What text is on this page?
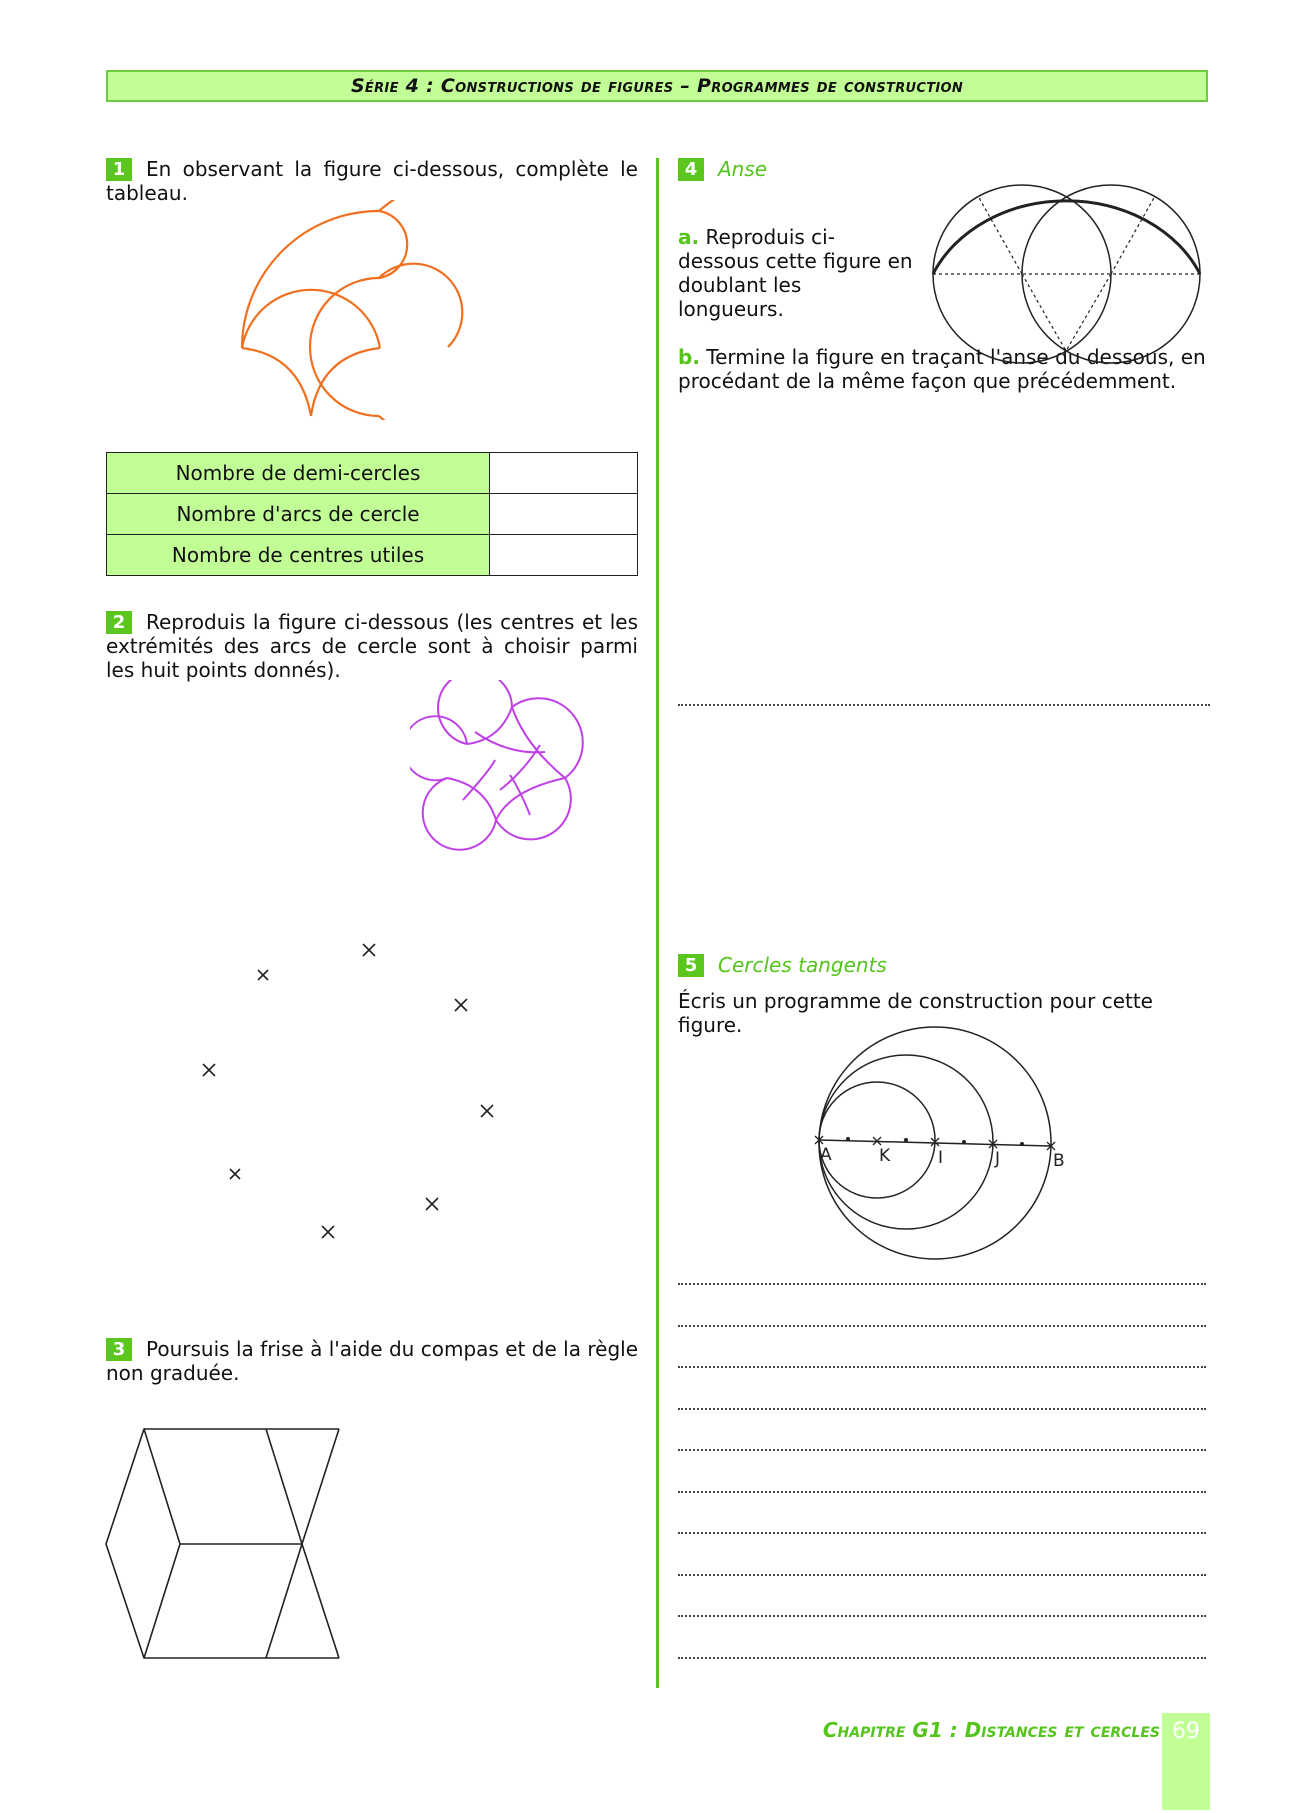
Série 4 : Constructions de figures – Programmes de construction
1 En observant la figure ci-dessous, complète le tableau.
Nombre de demi-cercles	
Nombre d'arcs de cercle	
Nombre de centres utiles	
2 Reproduis la figure ci-dessous (les centres et les extrémités des arcs de cercle sont à choisir parmi les huit points donnés).
3 Poursuis la frise à l'aide du compas et de la règle non graduée.
4 Anse
a. Reproduis ci-dessous cette figure en doublant les longueurs.
b. Termine la figure en traçant l'anse du dessous, en procédant de la même façon que précédemment.
5 Cercles tangents
Écris un programme de construction pour cette figure.
A	K	I	J	B
Chapitre G1 : Distances et cercles 69
